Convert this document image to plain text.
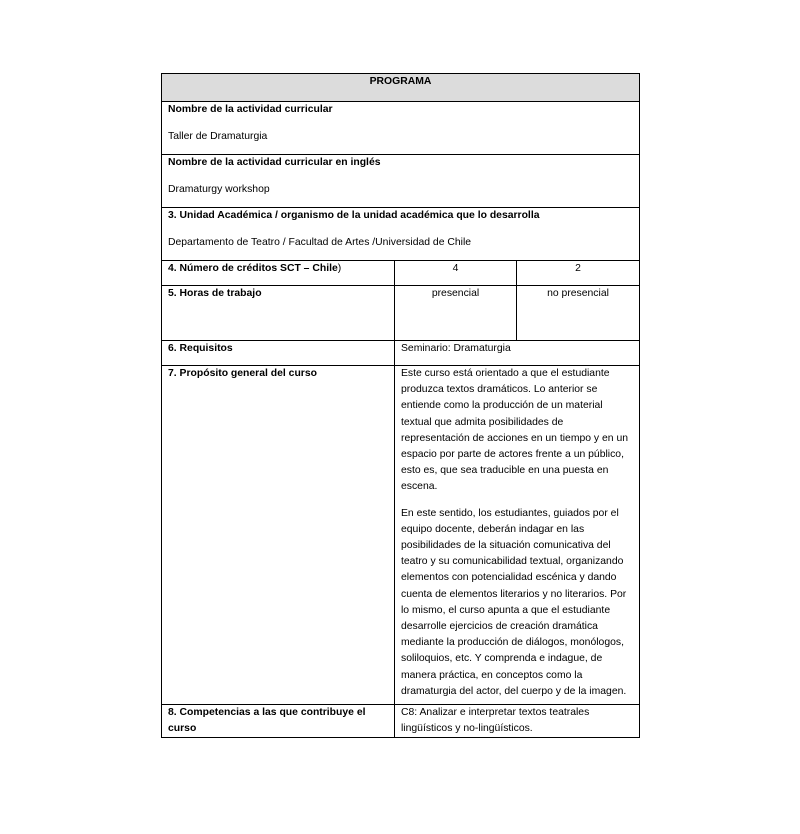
PROGRAMA		

Nombre de la actividad curricular
Taller de Dramaturgia		

Nombre de la actividad curricular en inglés
Dramaturgy workshop		

3. Unidad Académica / organismo de la unidad académica que lo desarrolla
Departamento de Teatro / Facultad de Artes /Universidad de Chile		

4. Número de créditos SCT – Chile)	4	2
5. Horas de trabajo	presencial	no presencial
6. Requisitos	Seminario: Dramaturgia	
7. Propósito general del curso	Este curso está orientado a que el estudiante produzca textos dramáticos. Lo anterior se entiende como la producción de un material textual que admita posibilidades de representación de acciones en un tiempo y en un espacio por parte de actores frente a un público, esto es, que sea traducible en una puesta en escena.

En este sentido, los estudiantes, guiados por el equipo docente, deberán indagar en las posibilidades de la situación comunicativa del teatro y su comunicabilidad textual, organizando elementos con potencialidad escénica y dando cuenta de elementos literarios y no literarios. Por lo mismo, el curso apunta a que el estudiante desarrolle ejercicios de creación dramática mediante la producción de diálogos, monólogos, soliloquios, etc. Y comprenda e indague, de manera práctica, en conceptos como la dramaturgia del actor, del cuerpo y de la imagen.	

8. Competencias a las que contribuye el curso	C8: Analizar e interpretar textos teatrales lingüísticos y no-lingüísticos.	
